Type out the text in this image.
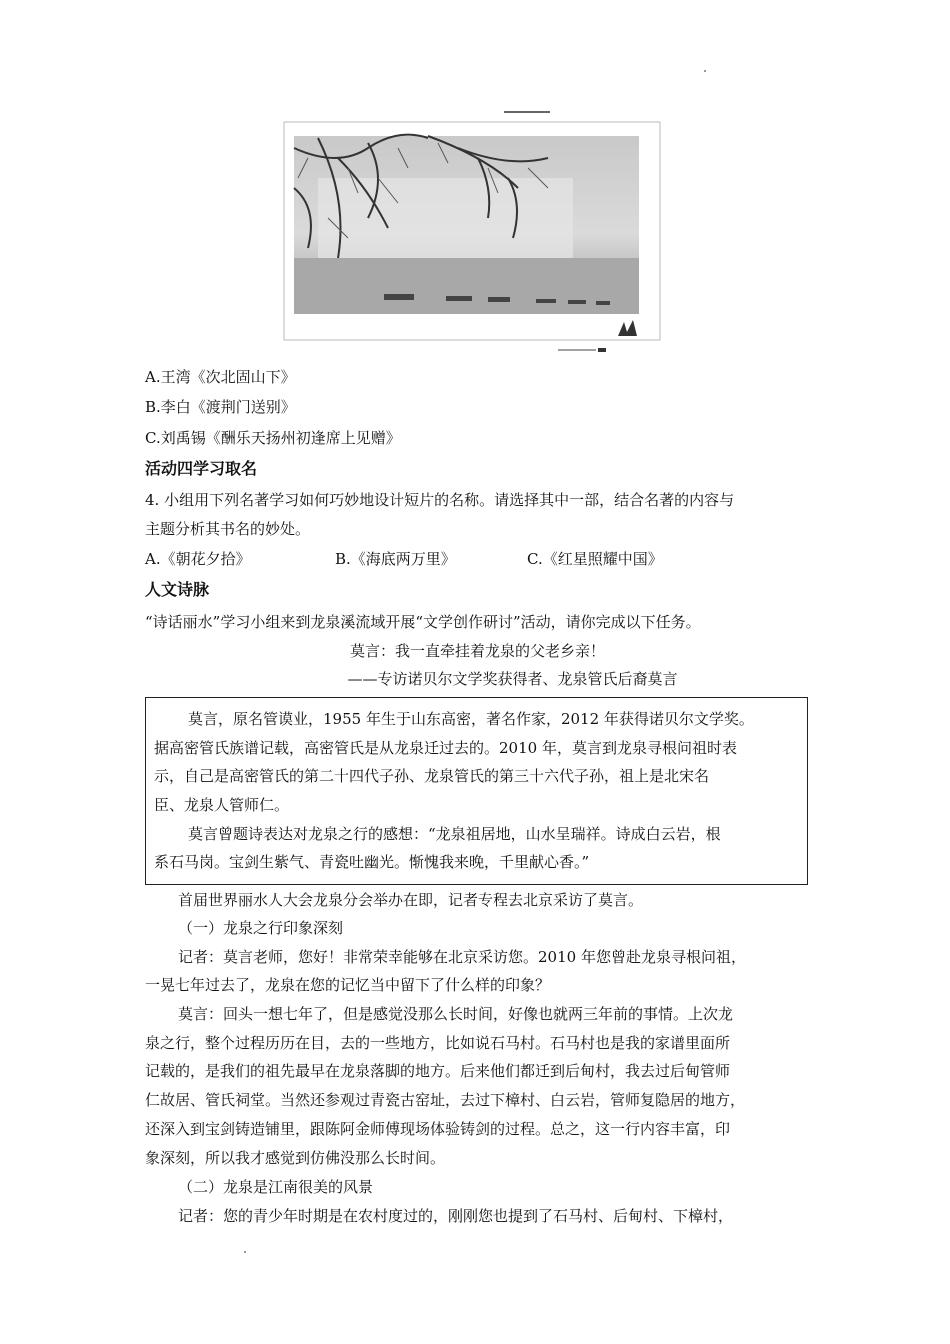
A.王湾《次北固山下》
B.李白《渡荆门送别》
C.刘禹锡《酬乐天扬州初逢席上见赠》
活动四学习取名
4. 小组用下列名著学习如何巧妙地设计短片的名称。请选择其中一部，结合名著的内容与
主题分析其书名的妙处。
A.《朝花夕拾》	B.《海底两万里》	C.《红星照耀中国》
人文诗脉
“诗话丽水”学习小组来到龙泉溪流域开展“文学创作研讨”活动，请你完成以下任务。
莫言：我一直牵挂着龙泉的父老乡亲！
——专访诺贝尔文学奖获得者、龙泉管氏后裔莫言
莫言，原名管谟业，1955 年生于山东高密，著名作家，2012 年获得诺贝尔文学奖。
据高密管氏族谱记载，高密管氏是从龙泉迁过去的。2010 年，莫言到龙泉寻根问祖时表
示，自己是高密管氏的第二十四代子孙、龙泉管氏的第三十六代子孙，祖上是北宋名
臣、龙泉人管师仁。
莫言曾题诗表达对龙泉之行的感想：“龙泉祖居地，山水呈瑞祥。诗成白云岩，根
系石马岗。宝剑生紫气、青瓷吐幽光。惭愧我来晚，千里献心香。”
首届世界丽水人大会龙泉分会举办在即，记者专程去北京采访了莫言。
（一）龙泉之行印象深刻
记者：莫言老师，您好！非常荣幸能够在北京采访您。2010 年您曾赴龙泉寻根问祖，
一晃七年过去了，龙泉在您的记忆当中留下了什么样的印象？
莫言：回头一想七年了，但是感觉没那么长时间，好像也就两三年前的事情。上次龙
泉之行，整个过程历历在目，去的一些地方，比如说石马村。石马村也是我的家谱里面所
记载的，是我们的祖先最早在龙泉落脚的地方。后来他们都迁到后甸村，我去过后甸管师
仁故居、管氏祠堂。当然还参观过青瓷古窑址，去过下樟村、白云岩，管师复隐居的地方，
还深入到宝剑铸造铺里，跟陈阿金师傅现场体验铸剑的过程。总之，这一行内容丰富，印
象深刻，所以我才感觉到仿佛没那么长时间。
（二）龙泉是江南很美的风景
记者：您的青少年时期是在农村度过的，刚刚您也提到了石马村、后甸村、下樟村，
